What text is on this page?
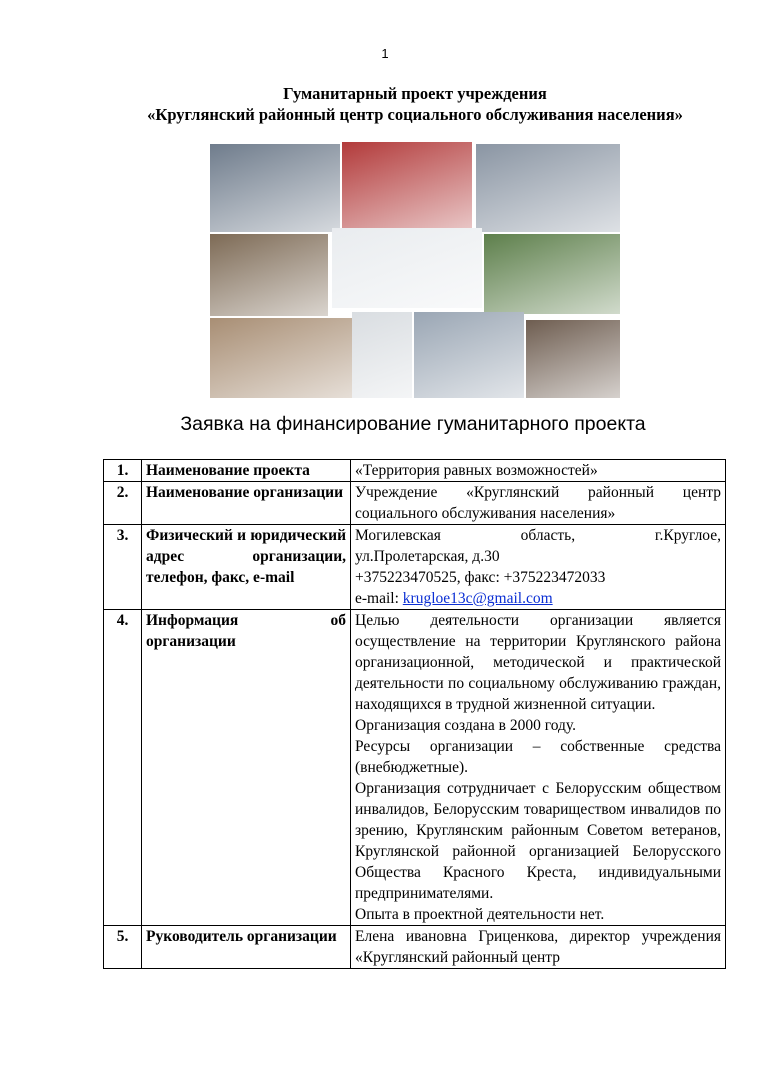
1
Гуманитарный проект учреждения
«Круглянский районный центр социального обслуживания населения»
Заявка на финансирование гуманитарного проекта
1.	Наименование проекта	«Территория равных возможностей»
2.	Наименование организации	Учреждение «Круглянский районный центр социального обслуживания населения»
3.	Физический и юридический адрес организации, телефон, факс, e-mail	Могилевская область, г.Круглое,

ул.Пролетарская, д.30

+375223470525, факс: +375223472033

e-mail: krugloe13c@gmail.com

4.	Информация об организации	Целью деятельности организации является осуществление на территории Круглянского района организационной, методической и практической деятельности по социальному обслуживанию граждан, находящихся в трудной жизненной ситуации.

Организация создана в 2000 году.

Ресурсы организации – собственные средства (внебюджетные).

Организация сотрудничает с Белорусским обществом инвалидов, Белорусским товариществом инвалидов по зрению, Круглянским районным Советом ветеранов, Круглянской районной организацией Белорусского Общества Красного Креста, индивидуальными предпринимателями.

Опыта в проектной деятельности нет.

5.	Руководитель организации	Елена ивановна Гриценкова, директор учреждения «Круглянский районный центр
